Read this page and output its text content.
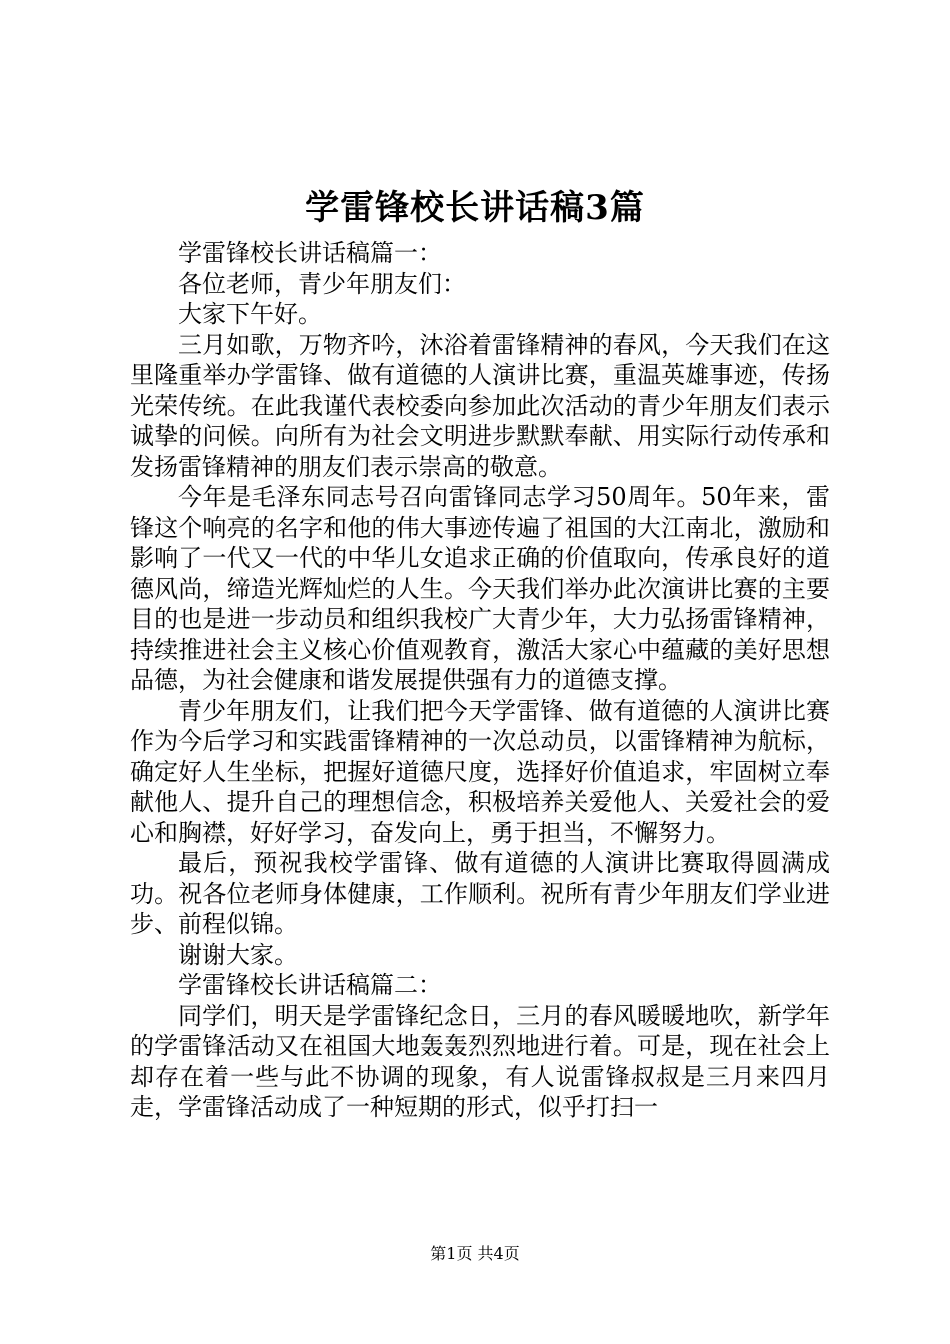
学雷锋校长讲话稿3篇

学雷锋校长讲话稿篇一：

各位老师，青少年朋友们：

大家下午好。

三月如歌，万物齐吟，沐浴着雷锋精神的春风，今天我们在这里隆重举办学雷锋、做有道德的人演讲比赛，重温英雄事迹，传扬光荣传统。在此我谨代表校委向参加此次活动的青少年朋友们表示诚挚的问候。向所有为社会文明进步默默奉献、用实际行动传承和发扬雷锋精神的朋友们表示崇高的敬意。

今年是毛泽东同志号召向雷锋同志学习50周年。50年来，雷锋这个响亮的名字和他的伟大事迹传遍了祖国的大江南北，激励和影响了一代又一代的中华儿女追求正确的价值取向，传承良好的道德风尚，缔造光辉灿烂的人生。今天我们举办此次演讲比赛的主要目的也是进一步动员和组织我校广大青少年，大力弘扬雷锋精神，持续推进社会主义核心价值观教育，激活大家心中蕴藏的美好思想品德，为社会健康和谐发展提供强有力的道德支撑。

青少年朋友们，让我们把今天学雷锋、做有道德的人演讲比赛作为今后学习和实践雷锋精神的一次总动员，以雷锋精神为航标，确定好人生坐标，把握好道德尺度，选择好价值追求，牢固树立奉献他人、提升自己的理想信念，积极培养关爱他人、关爱社会的爱心和胸襟，好好学习，奋发向上，勇于担当，不懈努力。

最后，预祝我校学雷锋、做有道德的人演讲比赛取得圆满成功。祝各位老师身体健康，工作顺利。祝所有青少年朋友们学业进步、前程似锦。

谢谢大家。

学雷锋校长讲话稿篇二：

同学们，明天是学雷锋纪念日，三月的春风暖暖地吹，新学年的学雷锋活动又在祖国大地轰轰烈烈地进行着。可是，现在社会上却存在着一些与此不协调的现象，有人说雷锋叔叔是三月来四月走，学雷锋活动成了一种短期的形式，似乎打扫一

第1页 共4页
